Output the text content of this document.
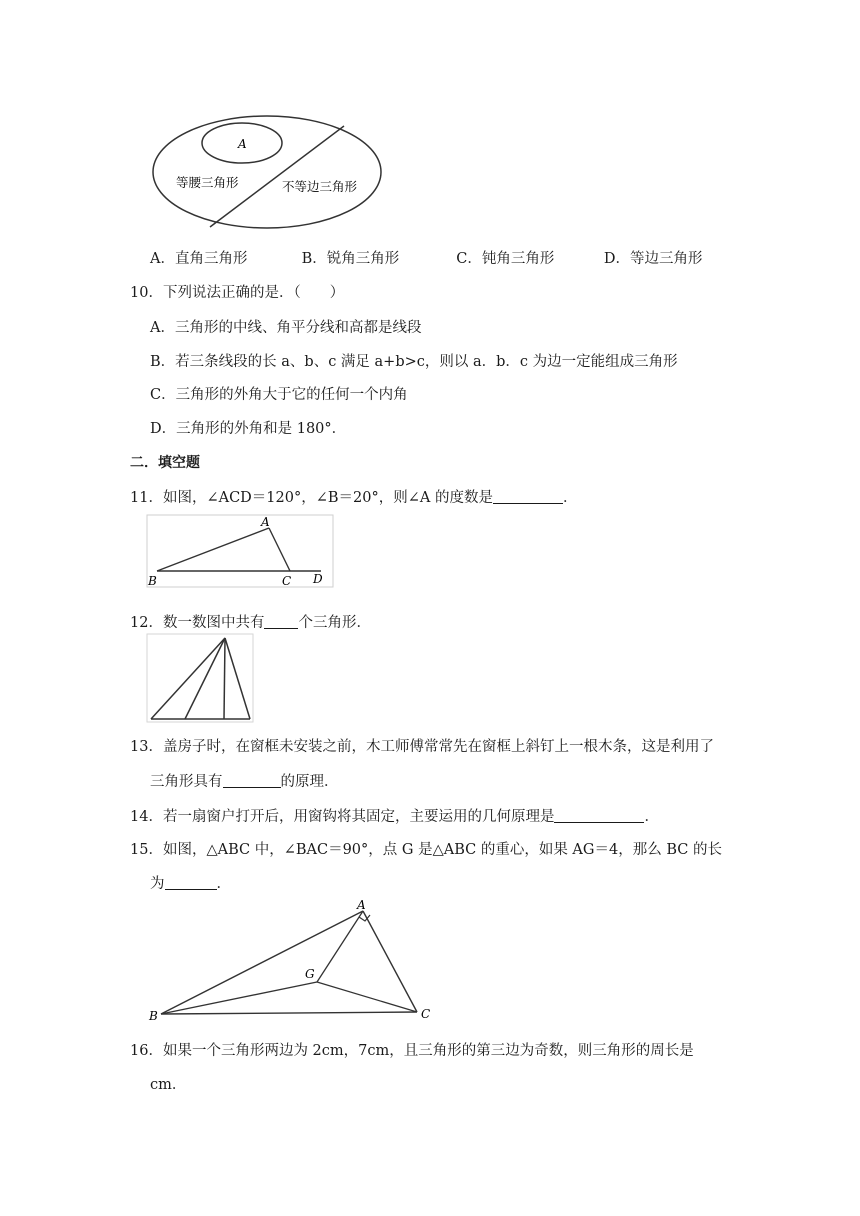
A
等腰三角形	不等边三角形
A．直角三角形	B．锐角三角形	C．钝角三角形	D．等边三角形
10．下列说法正确的是．（　　）
A．三角形的中线、角平分线和高都是线段
B．若三条线段的长 a、b、c 满足 a+b>c，则以 a．b．c 为边一定能组成三角形
C．三角形的外角大于它的任何一个内角
D．三角形的外角和是 180°．
二．填空题
11．如图，∠ACD＝120°，∠B＝20°，则∠A 的度数是	．
A
B	C D
12．数一数图中共有 个三角形．
13．盖房子时，在窗框未安装之前，木工师傅常常先在窗框上斜钉上一根木条，这是利用了
三角形具有	的原理．
14．若一扇窗户打开后，用窗钩将其固定，主要运用的几何原理是	．
15．如图，△ABC 中，∠BAC＝90°，点 G 是△ABC 的重心，如果 AG＝4，那么 BC 的长
为	．
A
B	C
G
16．如果一个三角形两边为 2cm，7cm，且三角形的第三边为奇数，则三角形的周长是
cm．
